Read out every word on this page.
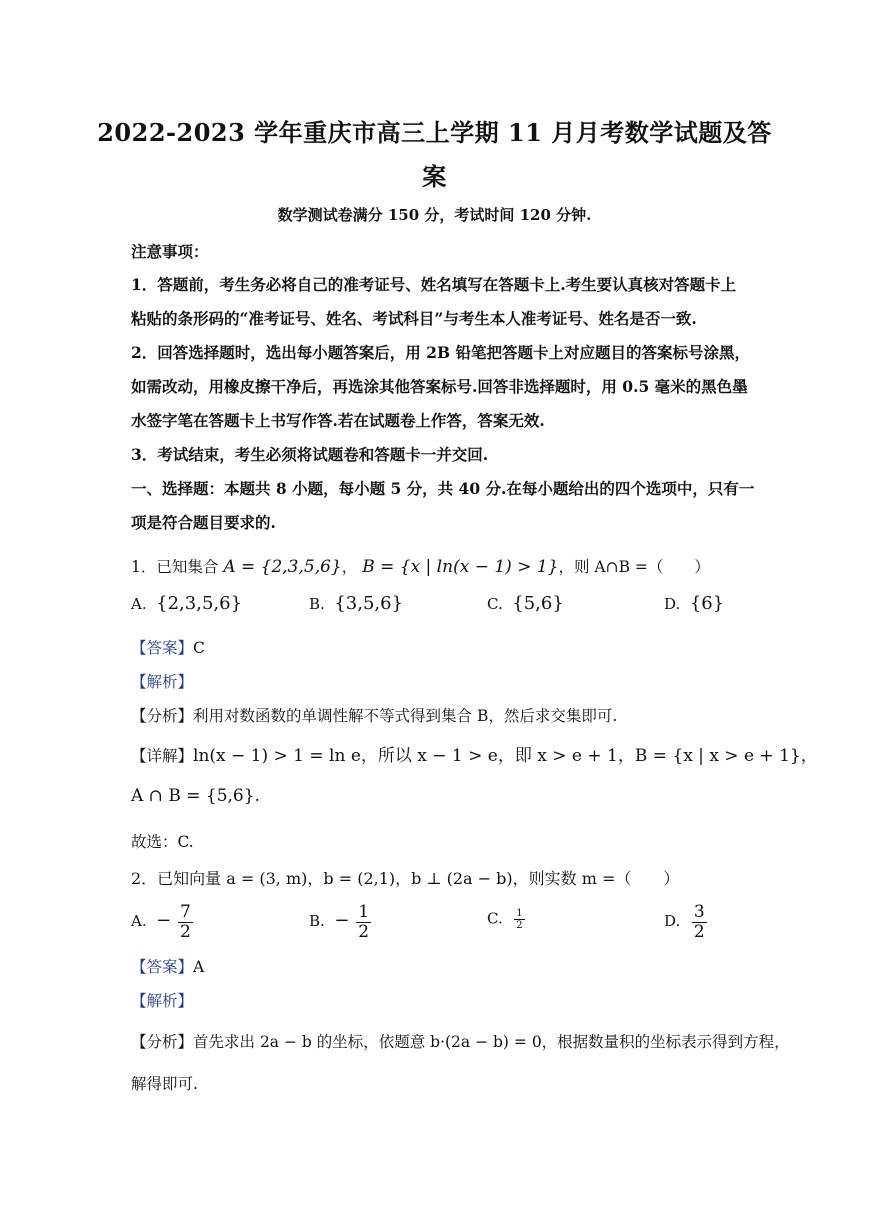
2022-2023 学年重庆市高三上学期 11 月月考数学试题及答
案
数学测试卷满分 150 分，考试时间 120 分钟.
注意事项：
1．答题前，考生务必将自己的准考证号、姓名填写在答题卡上.考生要认真核对答题卡上
粘贴的条形码的“准考证号、姓名、考试科目”与考生本人准考证号、姓名是否一致.
2．回答选择题时，选出每小题答案后，用 2B 铅笔把答题卡上对应题目的答案标号涂黑，
如需改动，用橡皮擦干净后，再选涂其他答案标号.回答非选择题时，用 0.5 毫米的黑色墨
水签字笔在答题卡上书写作答.若在试题卷上作答，答案无效.
3．考试结束，考生必须将试题卷和答题卡一并交回.
一、选择题：本题共 8 小题，每小题 5 分，共 40 分.在每小题给出的四个选项中，只有一
项是符合题目要求的.
1．已知集合 A = {2,3,5,6}， B = {x | ln(x − 1) > 1}，则 A∩B =（　　）
A. {2,3,5,6}	B. {3,5,6}	C. {5,6}	D. {6}
【答案】C
【解析】
【分析】利用对数函数的单调性解不等式得到集合 B，然后求交集即可.
【详解】ln(x − 1) > 1 = ln e，所以 x − 1 > e，即 x > e + 1，B = {x | x > e + 1}，
A ∩ B = {5,6}.
故选：C.
2．已知向量 a = (3, m)，b = (2,1)，b ⊥ (2a − b)，则实数 m =（　　）
A. − $\frac{7}{2}$	B. − $\frac{1}{2}$	C. $\frac{1}{2}$	D. $\frac{3}{2}$
【答案】A
【解析】
【分析】首先求出 2a − b 的坐标，依题意 b·(2a − b) = 0，根据数量积的坐标表示得到方程，
解得即可.
